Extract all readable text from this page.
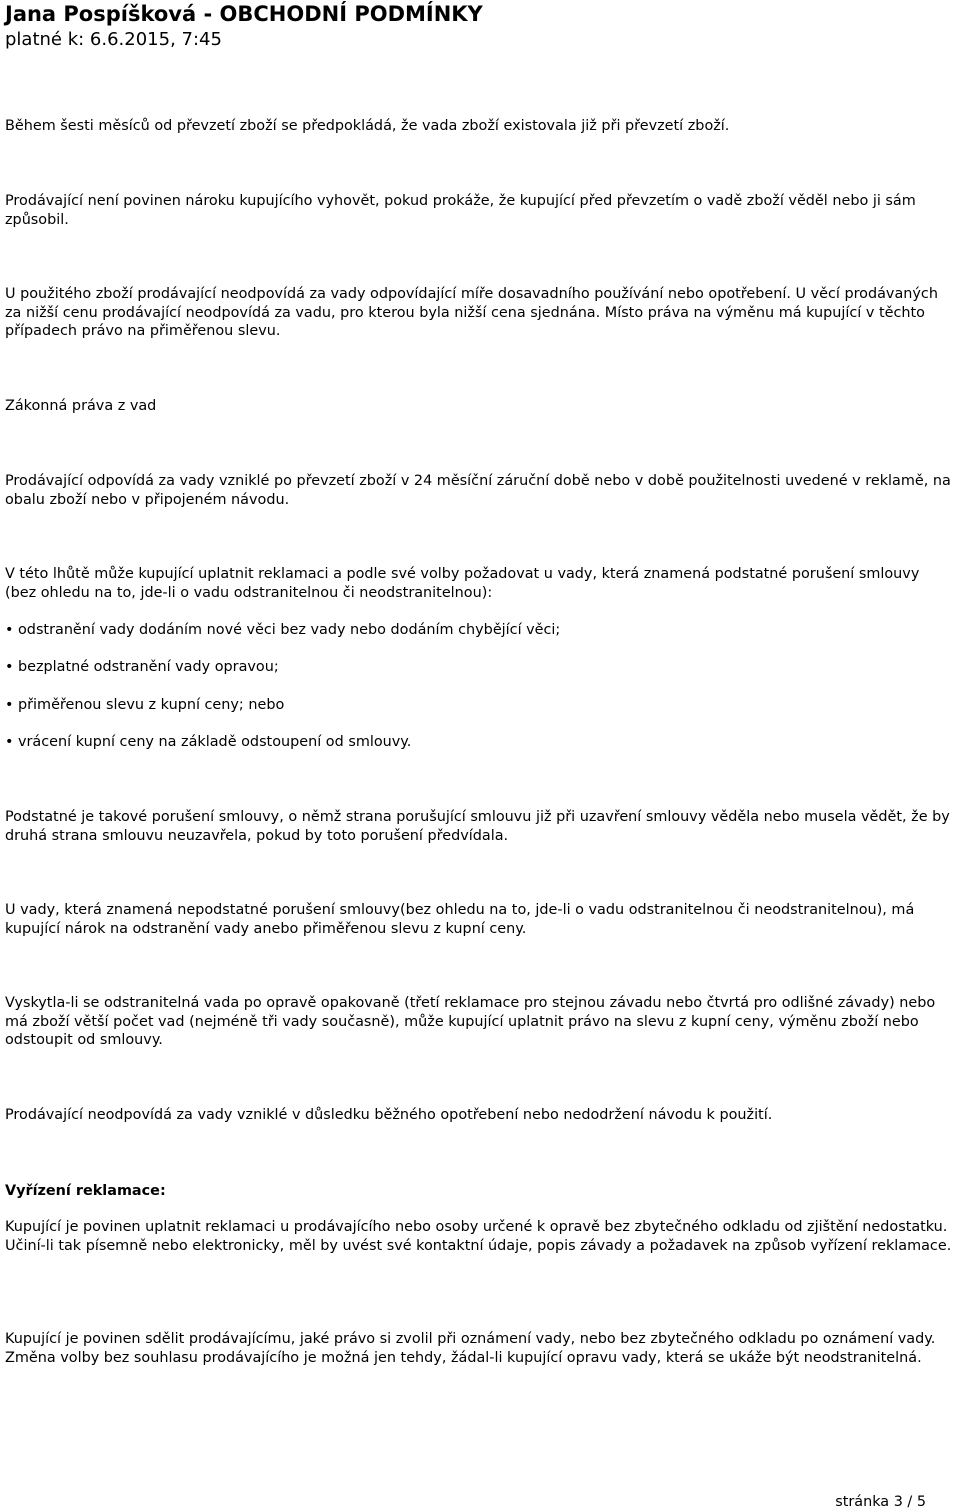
Jana Pospíšková - OBCHODNÍ PODMÍNKY
platné k: 6.6.2015, 7:45

Během šesti měsíců od převzetí zboží se předpokládá, že vada zboží existovala již při převzetí zboží.

Prodávající není povinen nároku kupujícího vyhovět, pokud prokáže, že kupující před převzetím o vadě zboží věděl nebo ji sám způsobil.

U použitého zboží prodávající neodpovídá za vady odpovídající míře dosavadního používání nebo opotřebení. U věcí prodávaných za nižší cenu prodávající neodpovídá za vadu, pro kterou byla nižší cena sjednána. Místo práva na výměnu má kupující v těchto případech právo na přiměřenou slevu.

Zákonná práva z vad

Prodávající odpovídá za vady vzniklé po převzetí zboží v 24 měsíční záruční době nebo v době použitelnosti uvedené v reklamě, na obalu zboží nebo v připojeném návodu.

V této lhůtě může kupující uplatnit reklamaci a podle své volby požadovat u vady, která znamená podstatné porušení smlouvy (bez ohledu na to, jde-li o vadu odstranitelnou či neodstranitelnou):

• odstranění vady dodáním nové věci bez vady nebo dodáním chybějící věci;
• bezplatné odstranění vady opravou;
• přiměřenou slevu z kupní ceny; nebo
• vrácení kupní ceny na základě odstoupení od smlouvy.

Podstatné je takové porušení smlouvy, o němž strana porušující smlouvu již při uzavření smlouvy věděla nebo musela vědět, že by druhá strana smlouvu neuzavřela, pokud by toto porušení předvídala.

U vady, která znamená nepodstatné porušení smlouvy(bez ohledu na to, jde-li o vadu odstranitelnou či neodstranitelnou), má kupující nárok na odstranění vady anebo přiměřenou slevu z kupní ceny.

Vyskytla-li se odstranitelná vada po opravě opakovaně (třetí reklamace pro stejnou závadu nebo čtvrtá pro odlišné závady) nebo má zboží větší počet vad (nejméně tři vady současně), může kupující uplatnit právo na slevu z kupní ceny, výměnu zboží nebo odstoupit od smlouvy.

Prodávající neodpovídá za vady vzniklé v důsledku běžného opotřebení nebo nedodržení návodu k použití.

Vyřízení reklamace:

Kupující je povinen uplatnit reklamaci u prodávajícího nebo osoby určené k opravě bez zbytečného odkladu od zjištění nedostatku. Učiní-li tak písemně nebo elektronicky, měl by uvést své kontaktní údaje, popis závady a požadavek na způsob vyřízení reklamace.

Kupující je povinen sdělit prodávajícímu, jaké právo si zvolil při oznámení vady, nebo bez zbytečného odkladu po oznámení vady. Změna volby bez souhlasu prodávajícího je možná jen tehdy, žádal-li kupující opravu vady, která se ukáže být neodstranitelná.

stránka 3 / 5
